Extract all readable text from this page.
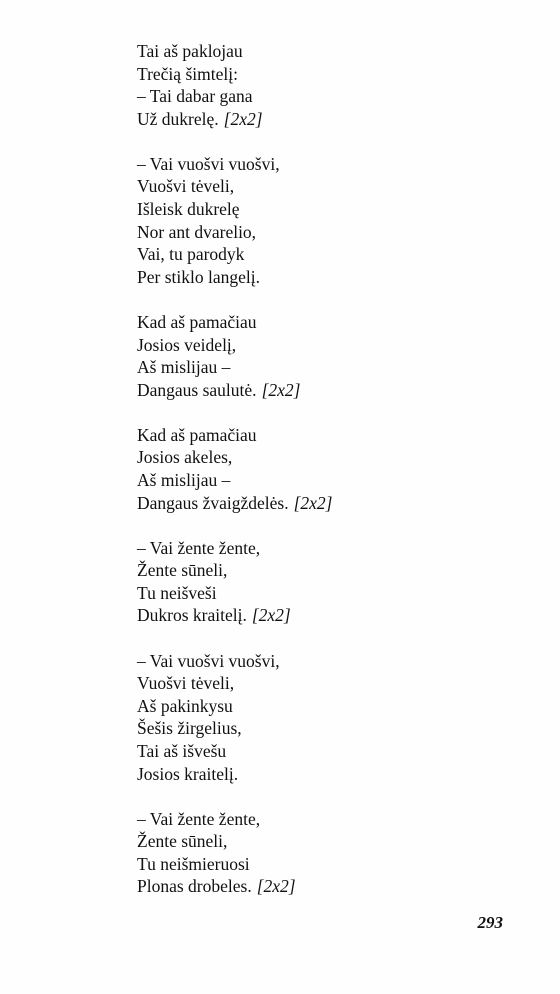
Tai aš paklojau
Trečią šimtelį:
– Tai dabar gana
Už dukrelę. [2x2]
– Vai vuošvi vuošvi,
Vuošvi tėveli,
Išleisk dukrelę
Nor ant dvarelio,
Vai, tu parodyk
Per stiklo langelį.
Kad aš pamačiau
Josios veidelį,
Aš mislijau –
Dangaus saulutė. [2x2]
Kad aš pamačiau
Josios akeles,
Aš mislijau –
Dangaus žvaigždelės. [2x2]
– Vai žente žente,
Žente sūneli,
Tu neišveši
Dukros kraitelį. [2x2]
– Vai vuošvi vuošvi,
Vuošvi tėveli,
Aš pakinkysu
Šešis žirgelius,
Tai aš išvešu
Josios kraitelį.
– Vai žente žente,
Žente sūneli,
Tu neišmieruosi
Plonas drobeles. [2x2]
293
